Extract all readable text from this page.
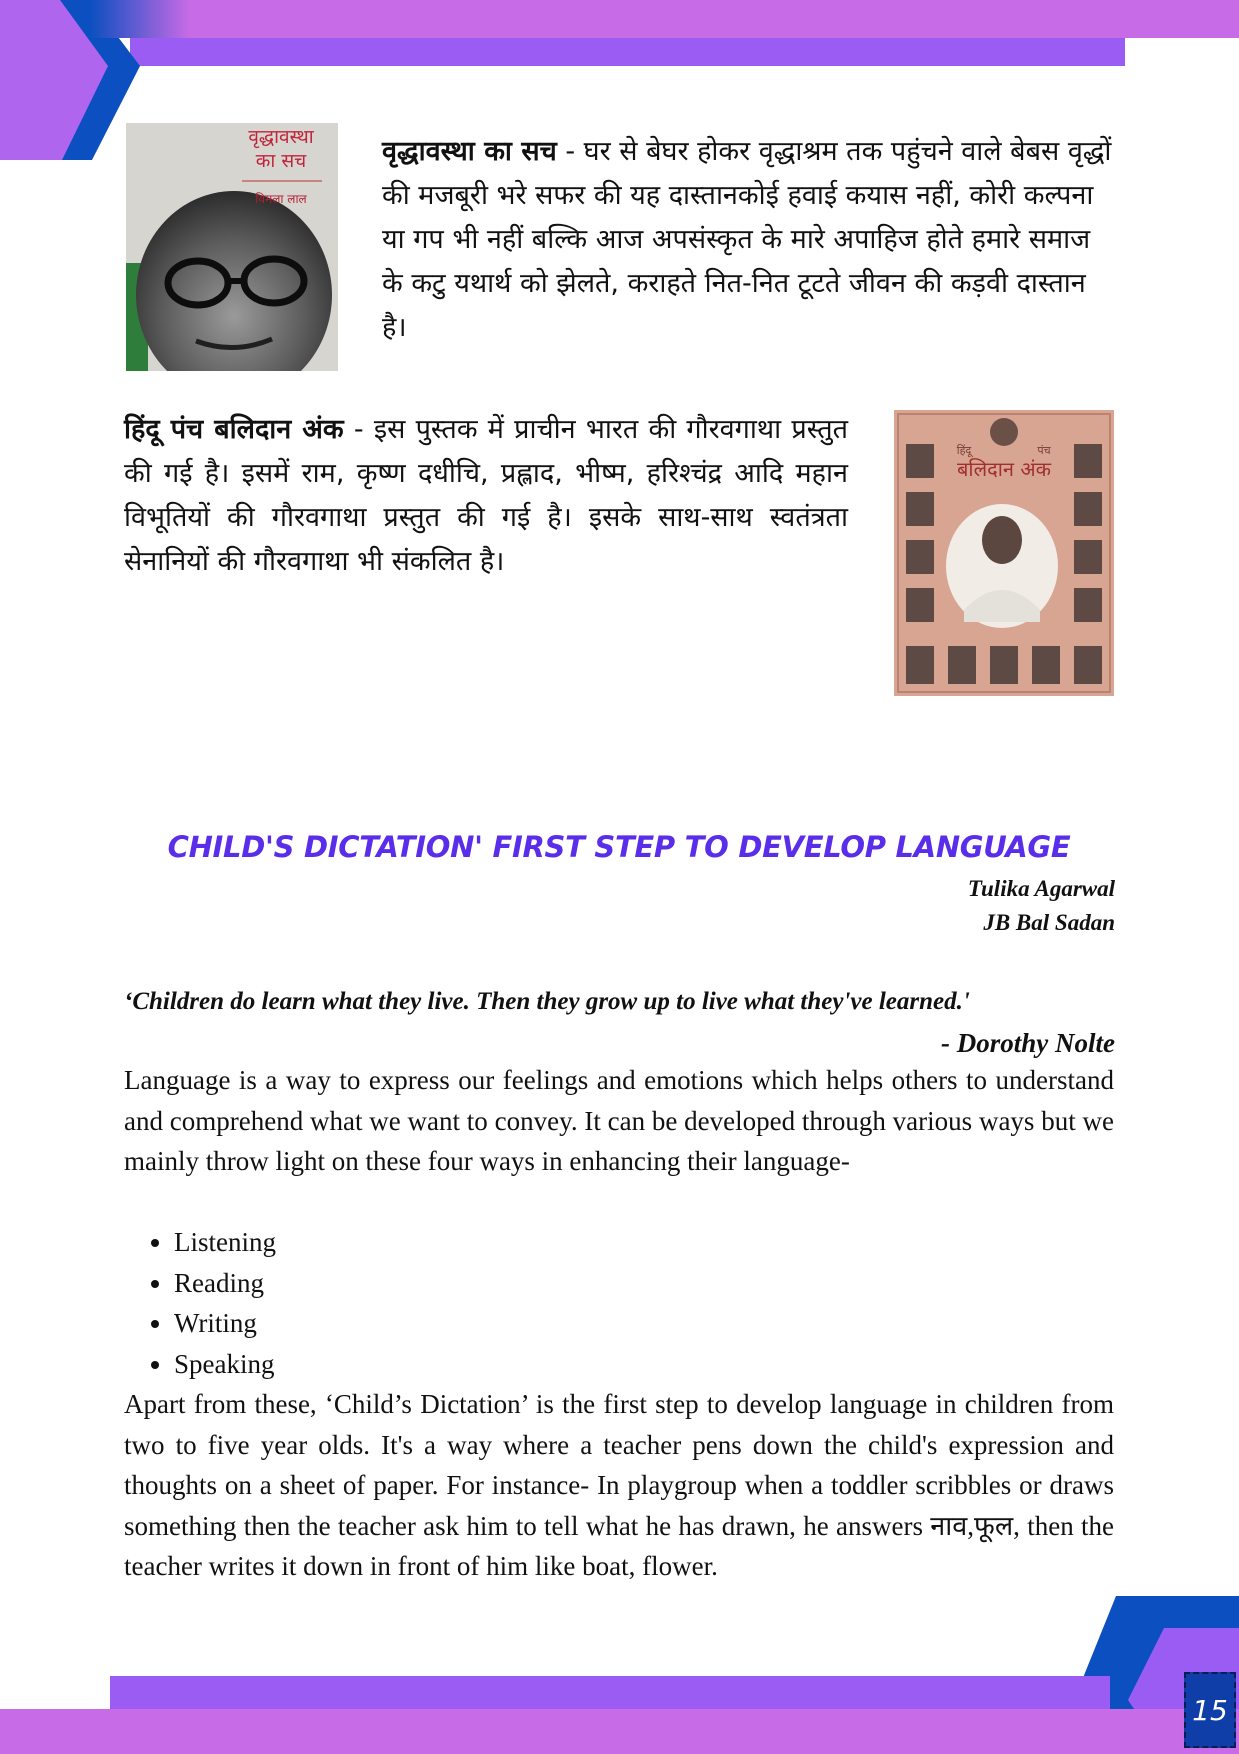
15
वृद्धावस्था
का सच
विमला लाल
वृद्धावस्था का सच - घर से बेघर होकर वृद्धाश्रम तक पहुंचने वाले बेबस वृद्धों की मजबूरी भरे सफर की यह दास्तानकोई हवाई कयास नहीं, कोरी कल्पना या गप भी नहीं बल्कि आज अपसंस्कृत के मारे अपाहिज होते हमारे समाज के कटु यथार्थ को झेलते, कराहते नित-नित टूटते जीवन की कड़वी दास्तान है।
हिंदू पंच बलिदान अंक - इस पुस्तक में प्राचीन भारत की गौरवगाथा प्रस्तुत की गई है। इसमें राम, कृष्ण दधीचि, प्रह्लाद, भीष्म, हरिश्चंद्र आदि महान विभूतियों की गौरवगाथा प्रस्तुत की गई है। इसके साथ-साथ स्वतंत्रता सेनानियों की गौरवगाथा भी संकलित है।
हिंदू	पंच
बलिदान अंक
CHILD'S DICTATION' FIRST STEP TO DEVELOP LANGUAGE
Tulika Agarwal
JB Bal Sadan
‘Children do learn what they live. Then they grow up to live what they've learned.'
- Dorothy Nolte
Language is a way to express our feelings and emotions which helps others to understand and comprehend what we want to convey. It can be developed through various ways but we mainly throw light on these four ways in enhancing their language-
• Listening
• Reading
• Writing
• Speaking
Apart from these, ‘Child’s Dictation’ is the first step to develop language in children from two to five year olds. It's a way where a teacher pens down the child's expression and thoughts on a sheet of paper. For instance- In playgroup when a toddler scribbles or draws something then the teacher ask him to tell what he has drawn, he answers नाव,फूल, then the teacher writes it down in front of him like boat, flower.
